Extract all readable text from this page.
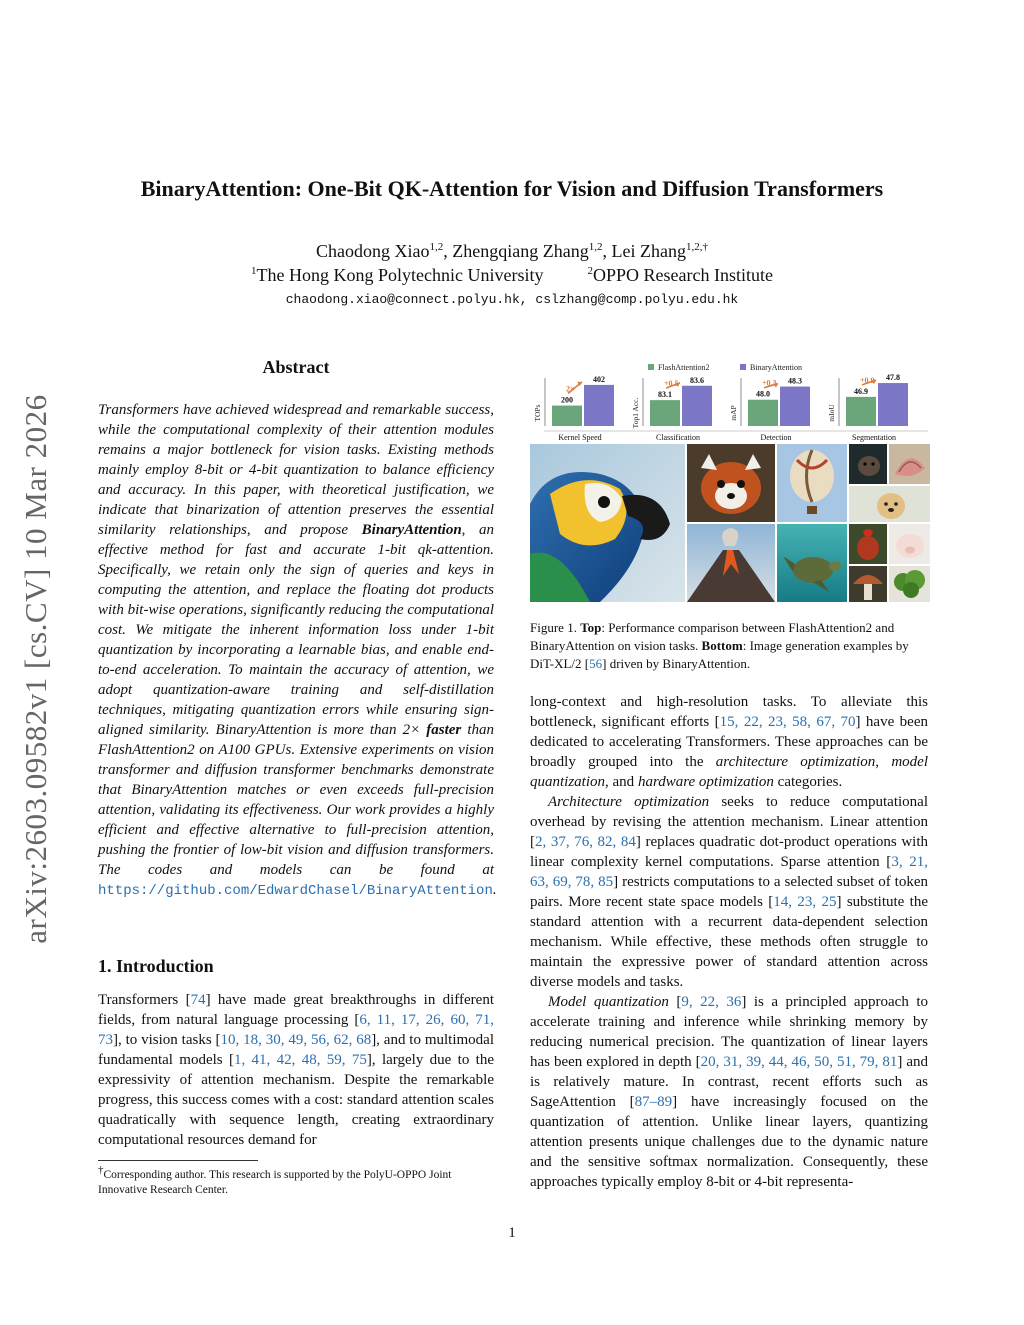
arXiv:2603.09582v1 [cs.CV] 10 Mar 2026
BinaryAttention: One-Bit QK-Attention for Vision and Diffusion Transformers
Chaodong Xiao$^{1,2}$, Zhengqiang Zhang$^{1,2}$, Lei Zhang$^{1,2,\dagger}$
$^1$The Hong Kong Polytechnic University	$^2$OPPO Research Institute
chaodong.xiao@connect.polyu.hk, cslzhang@comp.polyu.edu.hk
Abstract
Transformers have achieved widespread and remarkable success, while the computational complexity of their attention modules remains a major bottleneck for vision tasks. Existing methods mainly employ 8-bit or 4-bit quantization to balance efficiency and accuracy. In this paper, with theoretical justification, we indicate that binarization of attention preserves the essential similarity relationships, and propose BinaryAttention, an effective method for fast and accurate 1-bit qk-attention. Specifically, we retain only the sign of queries and keys in computing the attention, and replace the floating dot products with bit-wise operations, significantly reducing the computational cost. We mitigate the inherent information loss under 1-bit quantization by incorporating a learnable bias, and enable end-to-end acceleration. To maintain the accuracy of attention, we adopt quantization-aware training and self-distillation techniques, mitigating quantization errors while ensuring sign-aligned similarity. BinaryAttention is more than 2× faster than FlashAttention2 on A100 GPUs. Extensive experiments on vision transformer and diffusion transformer benchmarks demonstrate that BinaryAttention matches or even exceeds full-precision attention, validating its effectiveness. Our work provides a highly efficient and effective alternative to full-precision attention, pushing the frontier of low-bit vision and diffusion transformers. The codes and models can be found at https://github.com/EdwardChasel/BinaryAttention.
1. Introduction
Transformers [74] have made great breakthroughs in different fields, from natural language processing [6, 11, 17, 26, 60, 71, 73], to vision tasks [10, 18, 30, 49, 56, 62, 68], and to multimodal fundamental models [1, 41, 42, 48, 59, 75], largely due to the expressivity of attention mechanism. Despite the remarkable progress, this success comes with a cost: standard attention scales quadratically with sequence length, creating extraordinary computational resources demand for
†Corresponding author. This research is supported by the PolyU-OPPO Joint Innovative Research Center.
FlashAttention2	BinaryAttention
TOPs
200
402
2×
Kernel Speed
Top1 Acc.
83.1
83.6
+0.5
Classification
mAP
48.0
48.3
+0.3
Detection
mIoU
46.9
47.8
+0.9
Segmentation
Figure 1. Top: Performance comparison between FlashAttention2 and BinaryAttention on vision tasks. Bottom: Image generation examples by DiT-XL/2 [56] driven by BinaryAttention.

long-context and high-resolution tasks. To alleviate this bottleneck, significant efforts [15, 22, 23, 58, 67, 70] have been dedicated to accelerating Transformers. These approaches can be broadly grouped into the architecture optimization, model quantization, and hardware optimization categories.

Architecture optimization seeks to reduce computational overhead by revising the attention mechanism. Linear attention [2, 37, 76, 82, 84] replaces quadratic dot-product operations with linear complexity kernel computations. Sparse attention [3, 21, 63, 69, 78, 85] restricts computations to a selected subset of token pairs. More recent state space models [14, 23, 25] substitute the standard attention with a recurrent data-dependent selection mechanism. While effective, these methods often struggle to maintain the expressive power of standard attention across diverse models and tasks.

Model quantization [9, 22, 36] is a principled approach to accelerate training and inference while shrinking memory by reducing numerical precision. The quantization of linear layers has been explored in depth [20, 31, 39, 44, 46, 50, 51, 79, 81] and is relatively mature. In contrast, recent efforts such as SageAttention [87–89] have increasingly focused on the quantization of attention. Unlike linear layers, quantizing attention presents unique challenges due to the dynamic nature and the sensitive softmax normalization. Consequently, these approaches typically employ 8-bit or 4-bit representa-

1
